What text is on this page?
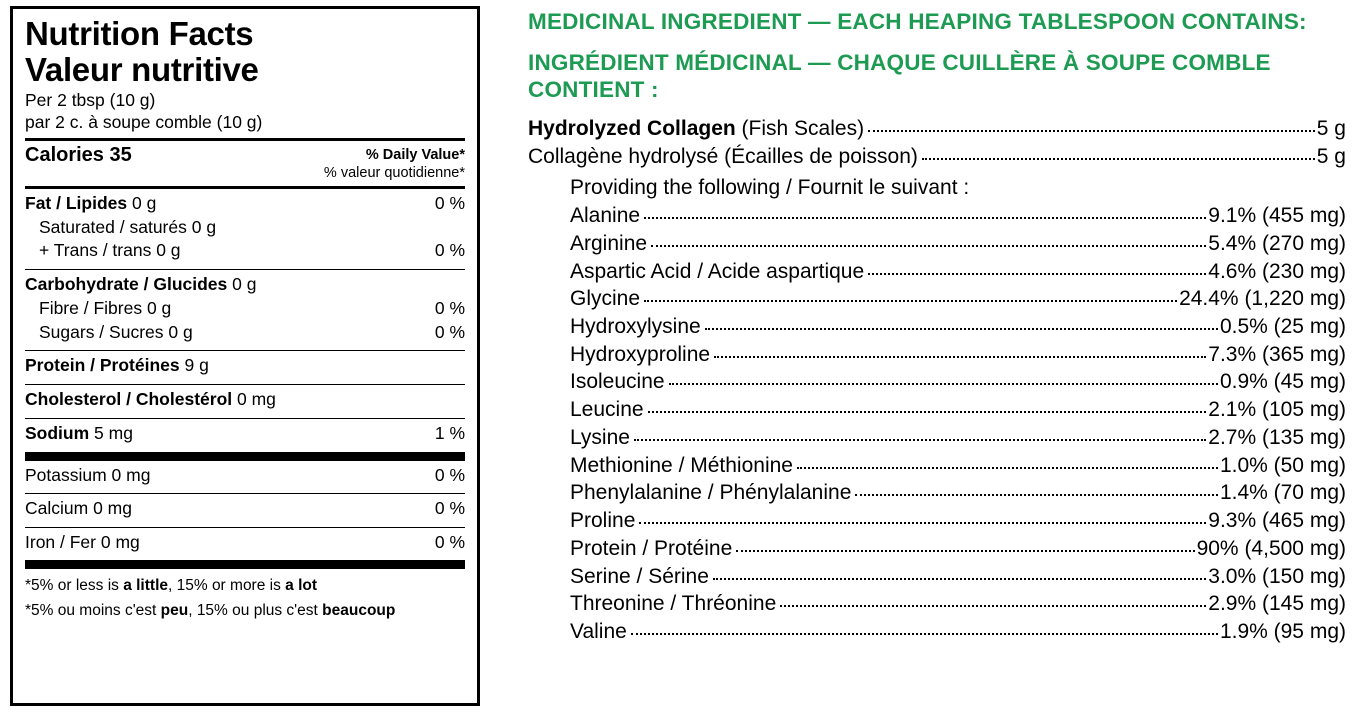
Nutrition Facts
Valeur nutritive
Per 2 tbsp (10 g)
par 2 c. à soupe comble (10 g)
Calories 35	% Daily Value*
% valeur quotidienne*
Fat / Lipides 0 g	0 %
Saturated / saturés 0 g
+ Trans / trans 0 g	0 %
Carbohydrate / Glucides 0 g
Fibre / Fibres 0 g	0 %
Sugars / Sucres 0 g	0 %
Protein / Protéines 9 g
Cholesterol / Cholestérol 0 mg
Sodium 5 mg	1 %
Potassium 0 mg	0 %
Calcium 0 mg	0 %
Iron / Fer 0 mg	0 %
*5% or less is a little, 15% or more is a lot
*5% ou moins c'est peu, 15% ou plus c'est beaucoup
MEDICINAL INGREDIENT — EACH HEAPING TABLESPOON CONTAINS:
INGRÉDIENT MÉDICINAL — CHAQUE CUILLÈRE À SOUPE COMBLE CONTIENT :
Hydrolyzed Collagen (Fish Scales)	5 g
Collagène hydrolysé (Écailles de poisson)	5 g
Providing the following / Fournit le suivant :
Alanine	9.1% (455 mg)
Arginine	5.4% (270 mg)
Aspartic Acid / Acide aspartique	4.6% (230 mg)
Glycine	24.4% (1,220 mg)
Hydroxylysine	0.5% (25 mg)
Hydroxyproline	7.3% (365 mg)
Isoleucine	0.9% (45 mg)
Leucine	2.1% (105 mg)
Lysine	2.7% (135 mg)
Methionine / Méthionine	1.0% (50 mg)
Phenylalanine / Phénylalanine	1.4% (70 mg)
Proline	9.3% (465 mg)
Protein / Protéine	90% (4,500 mg)
Serine / Sérine	3.0% (150 mg)
Threonine / Thréonine	2.9% (145 mg)
Valine	1.9% (95 mg)
